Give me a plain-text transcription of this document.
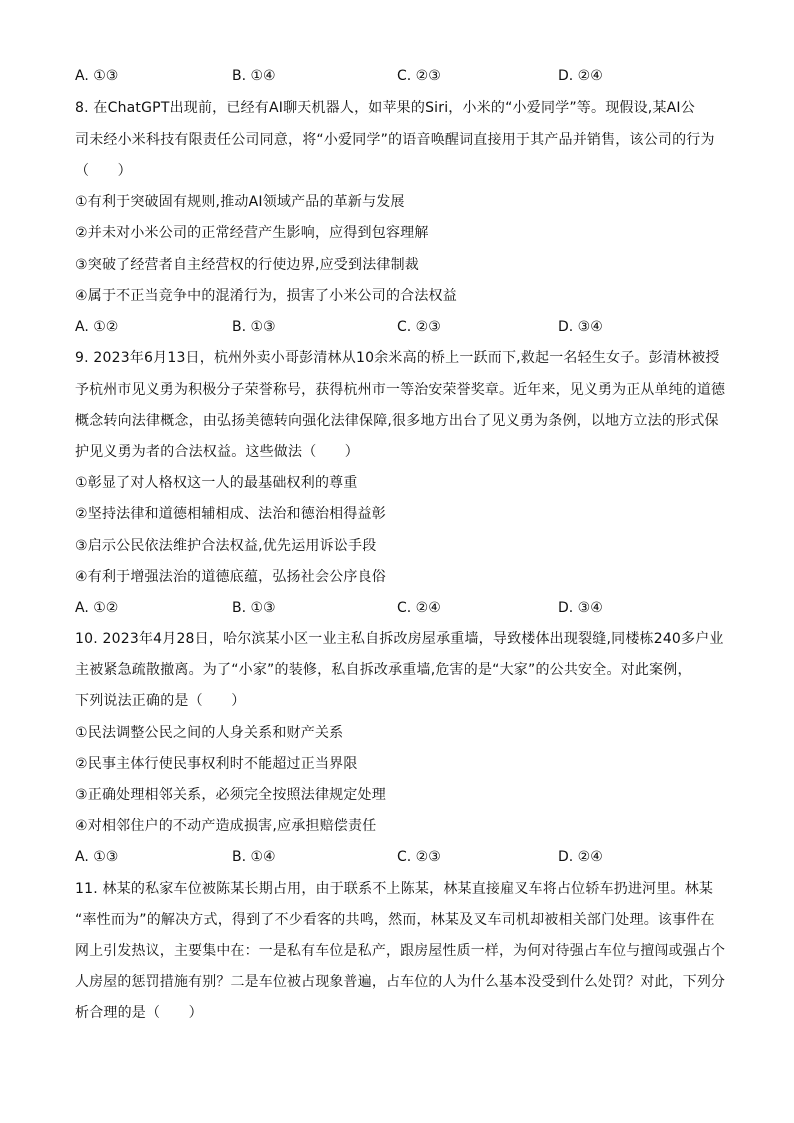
A. ①③	B. ①④	C. ②③	D. ②④
8. 在ChatGPT出现前，已经有AI聊天机器人，如苹果的Siri，小米的“小爱同学”等。现假设,某AI公
司未经小米科技有限责任公司同意，将“小爱同学”的语音唤醒词直接用于其产品并销售，该公司的行为
（　　）
①有利于突破固有规则,推动AI领域产品的革新与发展
②并未对小米公司的正常经营产生影响，应得到包容理解
③突破了经营者自主经营权的行使边界,应受到法律制裁
④属于不正当竞争中的混淆行为，损害了小米公司的合法权益
A. ①②	B. ①③	C. ②③	D. ③④
9. 2023年6月13日，杭州外卖小哥彭清林从10余米高的桥上一跃而下,救起一名轻生女子。彭清林被授
予杭州市见义勇为积极分子荣誉称号，获得杭州市一等治安荣誉奖章。近年来，见义勇为正从单纯的道德
概念转向法律概念，由弘扬美德转向强化法律保障,很多地方出台了见义勇为条例，以地方立法的形式保
护见义勇为者的合法权益。这些做法（　　）
①彰显了对人格权这一人的最基础权利的尊重
②坚持法律和道德相辅相成、法治和德治相得益彰
③启示公民依法维护合法权益,优先运用诉讼手段
④有利于增强法治的道德底蕴，弘扬社会公序良俗
A. ①②	B. ①③	C. ②④	D. ③④
10. 2023年4月28日，哈尔滨某小区一业主私自拆改房屋承重墙，导致楼体出现裂缝,同楼栋240多户业
主被紧急疏散撤离。为了“小家”的装修，私自拆改承重墙,危害的是“大家”的公共安全。对此案例，
下列说法正确的是（　　）
①民法调整公民之间的人身关系和财产关系
②民事主体行使民事权利时不能超过正当界限
③正确处理相邻关系，必须完全按照法律规定处理
④对相邻住户的不动产造成损害,应承担赔偿责任
A. ①③	B. ①④	C. ②③	D. ②④
11. 林某的私家车位被陈某长期占用，由于联系不上陈某，林某直接雇叉车将占位轿车扔进河里。林某
“率性而为”的解决方式，得到了不少看客的共鸣，然而，林某及叉车司机却被相关部门处理。该事件在
网上引发热议，主要集中在：一是私有车位是私产，跟房屋性质一样，为何对待强占车位与擅闯或强占个
人房屋的惩罚措施有别？二是车位被占现象普遍，占车位的人为什么基本没受到什么处罚？对此，下列分
析合理的是（　　）
